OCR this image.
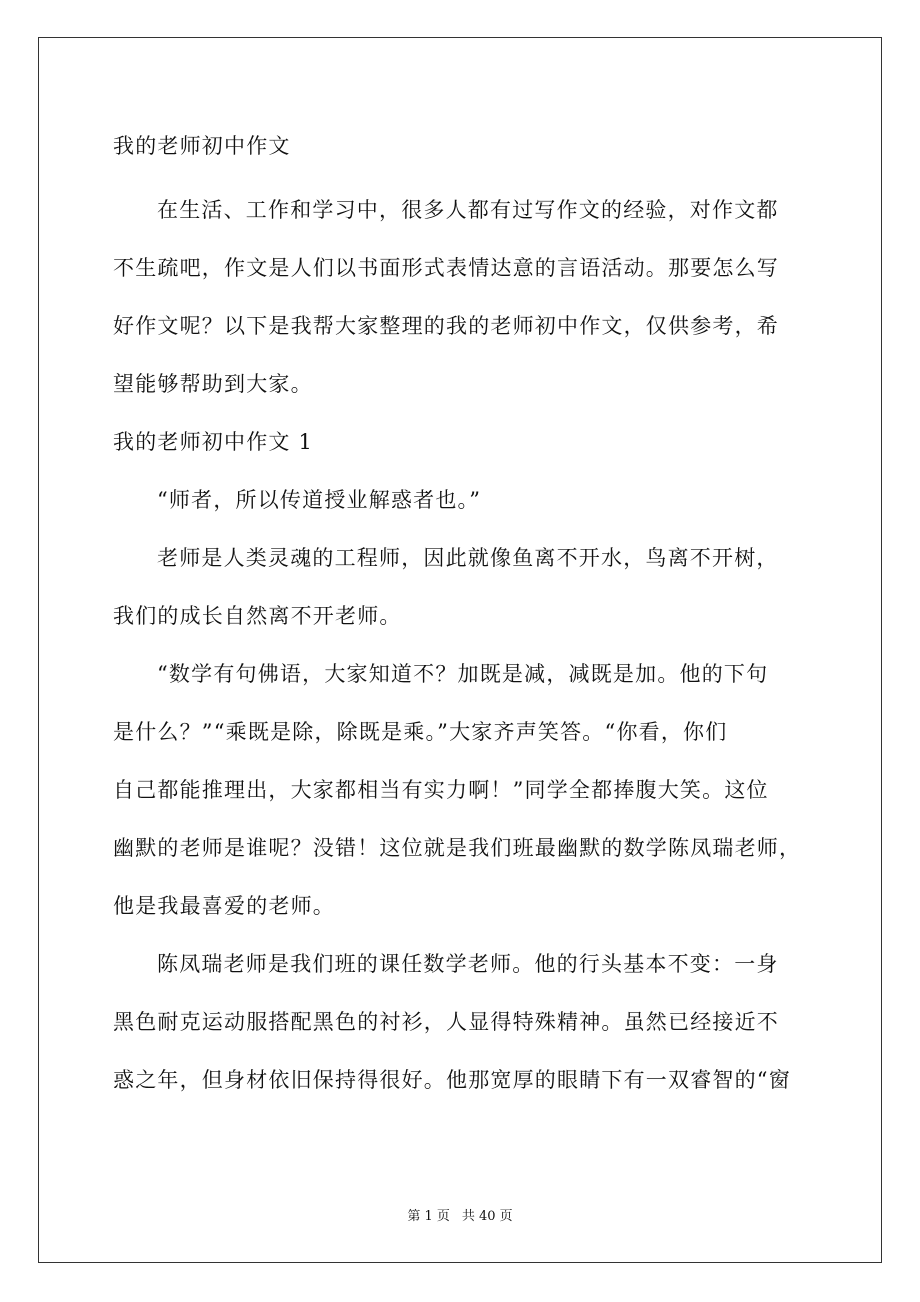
我的老师初中作文
在生活、工作和学习中，很多人都有过写作文的经验，对作文都
不生疏吧，作文是人们以书面形式表情达意的言语活动。那要怎么写
好作文呢？以下是我帮大家整理的我的老师初中作文，仅供参考，希
望能够帮助到大家。
我的老师初中作文 1
“师者，所以传道授业解惑者也。”
老师是人类灵魂的工程师，因此就像鱼离不开水，鸟离不开树，
我们的成长自然离不开老师。
“数学有句佛语，大家知道不？加既是减，减既是加。他的下句
是什么？”“乘既是除，除既是乘。”大家齐声笑答。“你看，你们
自己都能推理出，大家都相当有实力啊！”同学全都捧腹大笑。这位
幽默的老师是谁呢？没错！这位就是我们班最幽默的数学陈凤瑞老师，
他是我最喜爱的老师。
陈凤瑞老师是我们班的课任数学老师。他的行头基本不变：一身
黑色耐克运动服搭配黑色的衬衫，人显得特殊精神。虽然已经接近不
惑之年，但身材依旧保持得很好。他那宽厚的眼睛下有一双睿智的“窗
第 1 页 共 40 页
